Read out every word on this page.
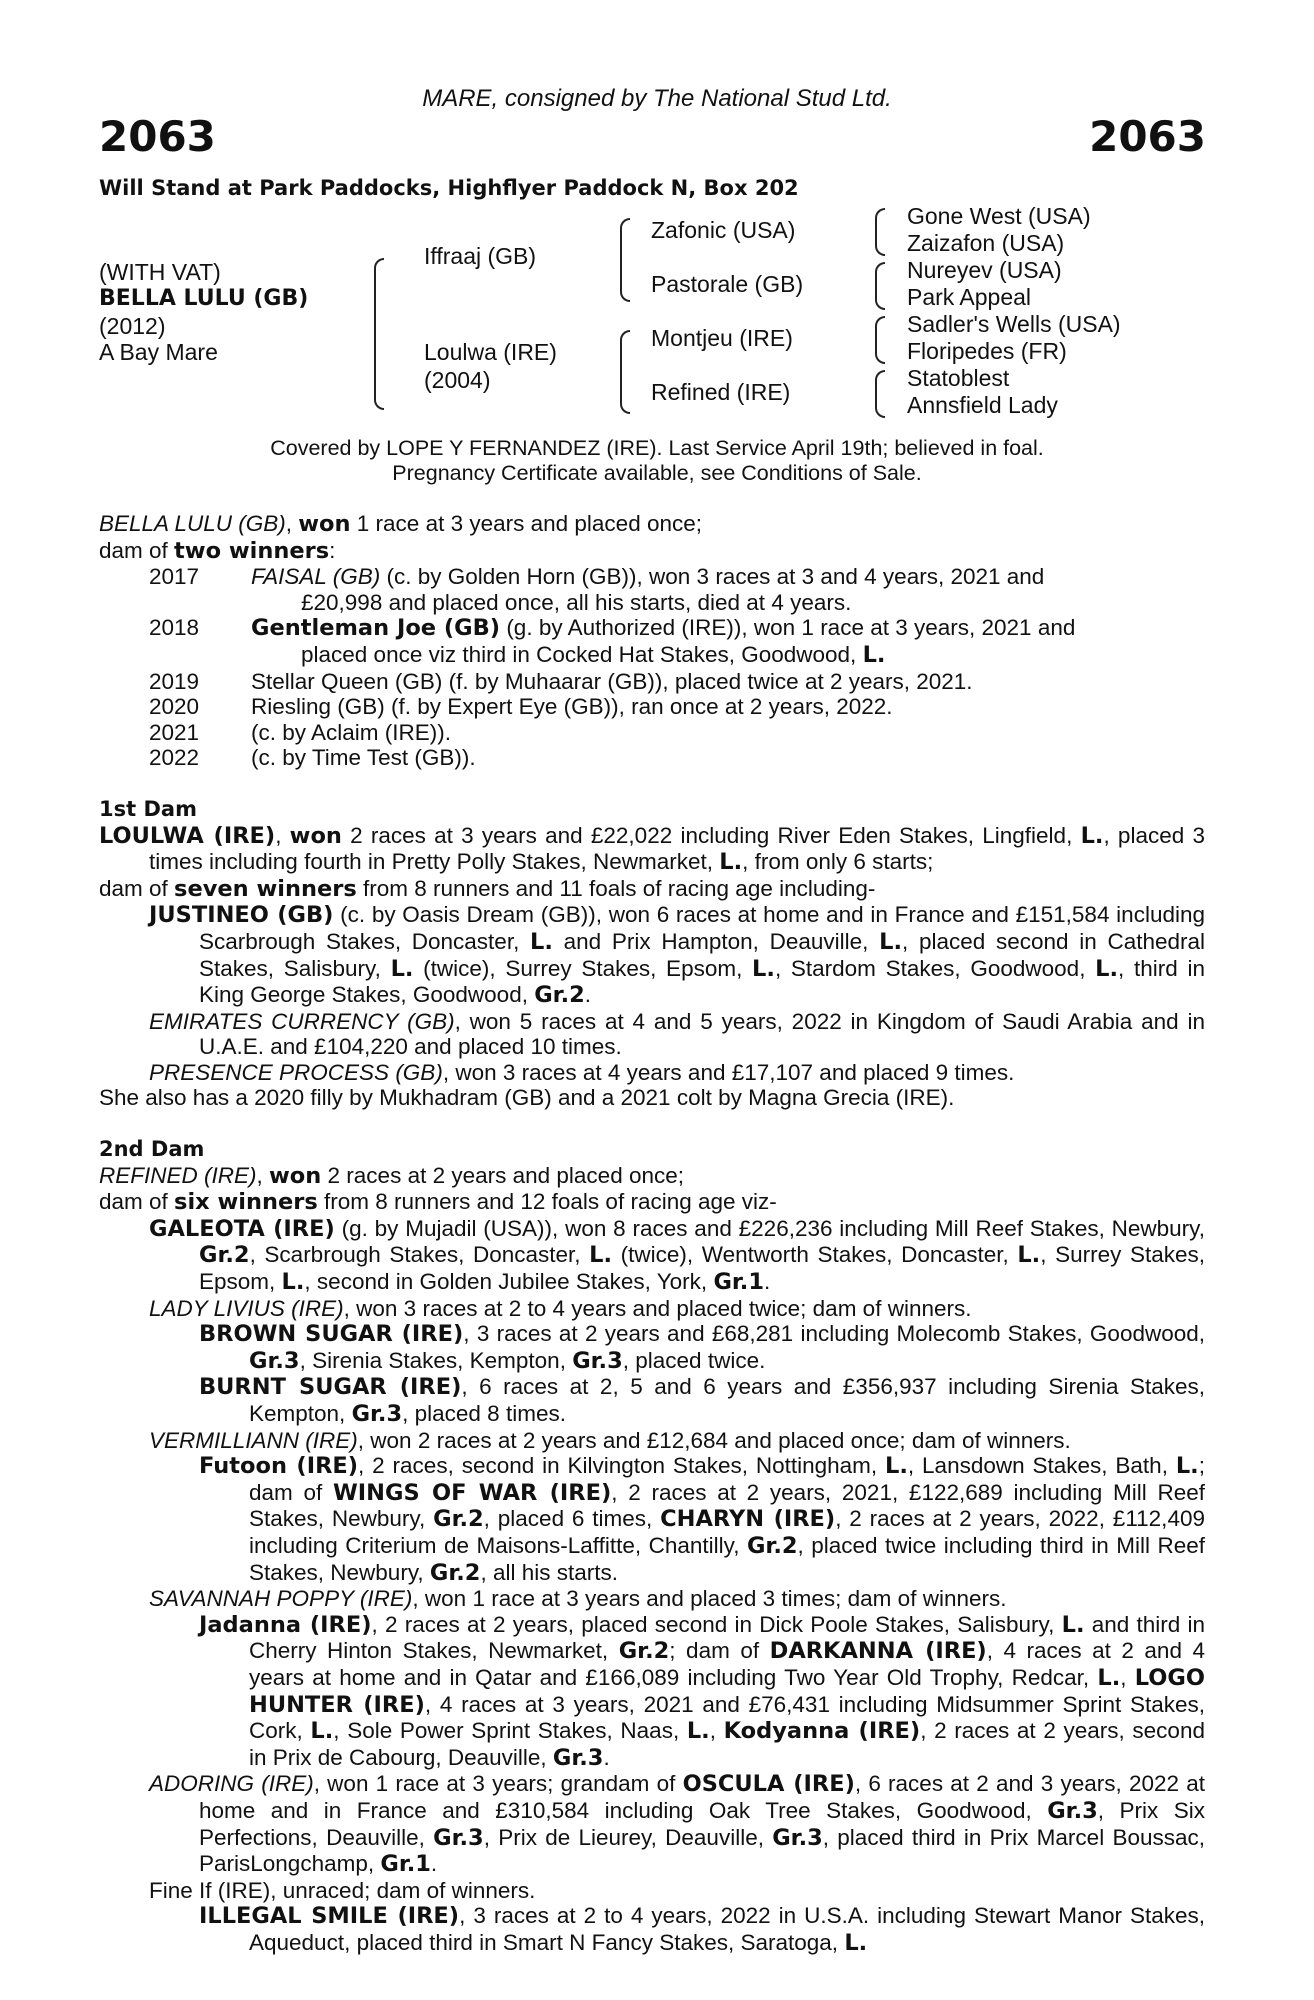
MARE, consigned by The National Stud Ltd.
2063	2063
Will Stand at Park Paddocks, Highflyer Paddock N, Box 202
(WITH VAT)
BELLA LULU (GB)
(2012)
A Bay Mare
Iffraaj (GB)
Loulwa (IRE)
(2004)
Zafonic (USA)
Pastorale (GB)
Montjeu (IRE)
Refined (IRE)
Gone West (USA)
Zaizafon (USA)
Nureyev (USA)
Park Appeal
Sadler's Wells (USA)
Floripedes (FR)
Statoblest
Annsfield Lady
Covered by LOPE Y FERNANDEZ (IRE). Last Service April 19th; believed in foal.
Pregnancy Certificate available, see Conditions of Sale.

BELLA LULU (GB), won 1 race at 3 years and placed once;

dam of two winners:

2017	FAISAL (GB) (c. by Golden Horn (GB)), won 3 races at 3 and 4 years, 2021 and
£20,998 and placed once, all his starts, died at 4 years.
2018	Gentleman Joe (GB) (g. by Authorized (IRE)), won 1 race at 3 years, 2021 and
placed once viz third in Cocked Hat Stakes, Goodwood, L.
2019	Stellar Queen (GB) (f. by Muhaarar (GB)), placed twice at 2 years, 2021.
2020	Riesling (GB) (f. by Expert Eye (GB)), ran once at 2 years, 2022.
2021	(c. by Aclaim (IRE)).
2022	(c. by Time Test (GB)).

1st Dam

LOULWA (IRE), won 2 races at 3 years and £22,022 including River Eden Stakes, Lingfield, L., placed 3 times including fourth in Pretty Polly Stakes, Newmarket, L., from only 6 starts;

dam of seven winners from 8 runners and 11 foals of racing age including-

JUSTINEO (GB) (c. by Oasis Dream (GB)), won 6 races at home and in France and £151,584 including Scarbrough Stakes, Doncaster, L. and Prix Hampton, Deauville, L., placed second in Cathedral Stakes, Salisbury, L. (twice), Surrey Stakes, Epsom, L., Stardom Stakes, Goodwood, L., third in King George Stakes, Goodwood, Gr.2.

EMIRATES CURRENCY (GB), won 5 races at 4 and 5 years, 2022 in Kingdom of Saudi Arabia and in U.A.E. and £104,220 and placed 10 times.

PRESENCE PROCESS (GB), won 3 races at 4 years and £17,107 and placed 9 times.

She also has a 2020 filly by Mukhadram (GB) and a 2021 colt by Magna Grecia (IRE).

2nd Dam

REFINED (IRE), won 2 races at 2 years and placed once;

dam of six winners from 8 runners and 12 foals of racing age viz-

GALEOTA (IRE) (g. by Mujadil (USA)), won 8 races and £226,236 including Mill Reef Stakes, Newbury, Gr.2, Scarbrough Stakes, Doncaster, L. (twice), Wentworth Stakes, Doncaster, L., Surrey Stakes, Epsom, L., second in Golden Jubilee Stakes, York, Gr.1.

LADY LIVIUS (IRE), won 3 races at 2 to 4 years and placed twice; dam of winners.

BROWN SUGAR (IRE), 3 races at 2 years and £68,281 including Molecomb Stakes, Goodwood, Gr.3, Sirenia Stakes, Kempton, Gr.3, placed twice.

BURNT SUGAR (IRE), 6 races at 2, 5 and 6 years and £356,937 including Sirenia Stakes, Kempton, Gr.3, placed 8 times.

VERMILLIANN (IRE), won 2 races at 2 years and £12,684 and placed once; dam of winners.

Futoon (IRE), 2 races, second in Kilvington Stakes, Nottingham, L., Lansdown Stakes, Bath, L.; dam of WINGS OF WAR (IRE), 2 races at 2 years, 2021, £122,689 including Mill Reef Stakes, Newbury, Gr.2, placed 6 times, CHARYN (IRE), 2 races at 2 years, 2022, £112,409 including Criterium de Maisons-Laffitte, Chantilly, Gr.2, placed twice including third in Mill Reef Stakes, Newbury, Gr.2, all his starts.

SAVANNAH POPPY (IRE), won 1 race at 3 years and placed 3 times; dam of winners.

Jadanna (IRE), 2 races at 2 years, placed second in Dick Poole Stakes, Salisbury, L. and third in Cherry Hinton Stakes, Newmarket, Gr.2; dam of DARKANNA (IRE), 4 races at 2 and 4 years at home and in Qatar and £166,089 including Two Year Old Trophy, Redcar, L., LOGO HUNTER (IRE), 4 races at 3 years, 2021 and £76,431 including Midsummer Sprint Stakes, Cork, L., Sole Power Sprint Stakes, Naas, L., Kodyanna (IRE), 2 races at 2 years, second in Prix de Cabourg, Deauville, Gr.3.

ADORING (IRE), won 1 race at 3 years; grandam of OSCULA (IRE), 6 races at 2 and 3 years, 2022 at home and in France and £310,584 including Oak Tree Stakes, Goodwood, Gr.3, Prix Six Perfections, Deauville, Gr.3, Prix de Lieurey, Deauville, Gr.3, placed third in Prix Marcel Boussac, ParisLongchamp, Gr.1.

Fine If (IRE), unraced; dam of winners.

ILLEGAL SMILE (IRE), 3 races at 2 to 4 years, 2022 in U.S.A. including Stewart Manor Stakes, Aqueduct, placed third in Smart N Fancy Stakes, Saratoga, L.
